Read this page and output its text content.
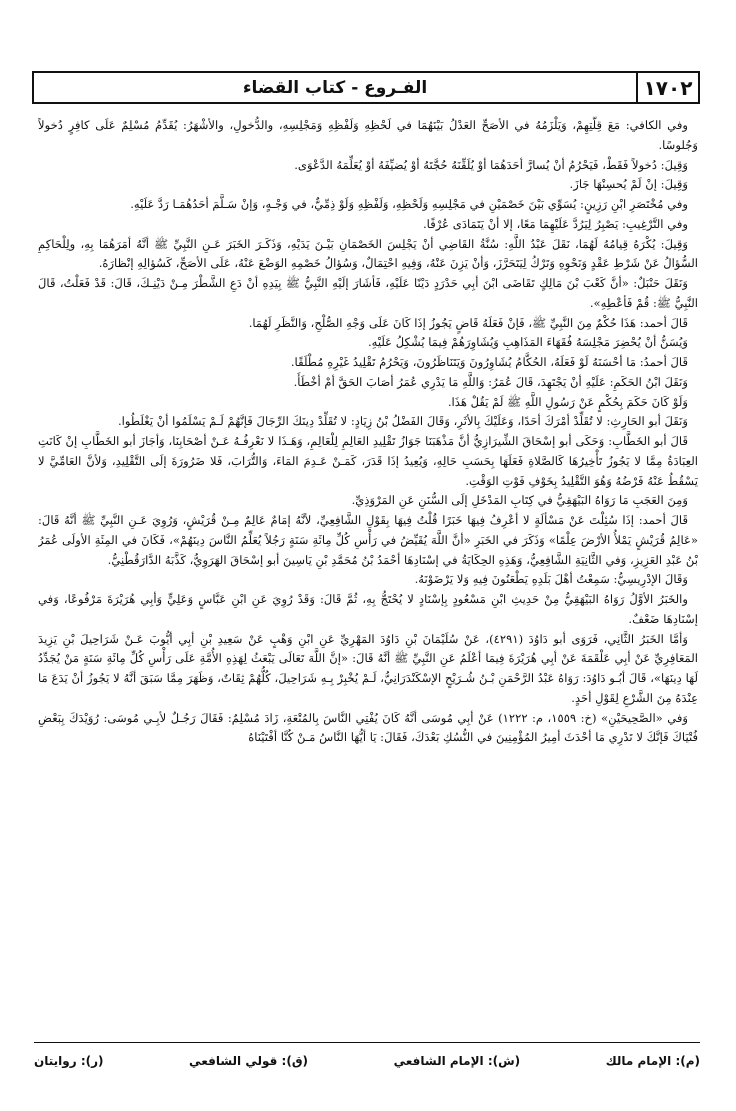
١٧٠٢
الفـروع - كتاب القضاء

وفي الكافي: مَعَ قِلَّتِهِمْ، وَيَلْزَمُهُ في الأصَحِّ العَدْلُ بَيْنَهُمَا في لَحْظِهِ وَلَفْظِهِ وَمَجْلِسِهِ، والدُّخولِ، والأشْهَرُ: يُقَدِّمُ مُسْلِمٌ عَلَى كافِرٍ دُخولاً وَجُلوسًا.

وَقِيلَ: دُخولاً فَقَطْ، فَيَحْرُمُ أنْ يُسارَّ أحَدَهُمَا أوْ يُلَقِّنَهُ حُجَّتَهُ أوْ يُضيِّفَهُ أوْ يُعَلِّمَهُ الدَّعْوَى.

وَقِيلَ: إنْ لَمْ يُحسِنْهَا جَازَ.

وفي مُخْتَصَرِ ابْنِ رَزِينٍ: يُسَوِّي بَيْنَ خَصْمَيْنِ في مَجْلِسِهِ وَلَحْظِهِ، وَلَفْظِهِ وَلَوْ ذِمِّيٌّ، في وَجْـهٍ، وَإنْ سَـلَّمَ أحَدُهُمَـا رَدَّ عَلَيْهِ.

وفي التَّرْغِيبِ: يَصْبِرُ لِيَرُدَّ عَلَيْهِمَا مَعًا، إلا أنْ يَتَمَادَى عُرْفًا.

وَقِيلَ: يُكْرَهُ قِيامُهُ لَهُمَا، نَقَلَ عَبْدُ اللَّهِ: سُنَّةُ القَاضِي أنْ يَجْلِسَ الخَصْمَانِ بَيْـنَ يَدَيْهِ، وَذَكَـرَ الخَبَرَ عَـنِ النَّبِيِّ ﷺ أنَّهُ أمَرَهُمَا بِهِ، ولِلْحَاكِمِ السُّؤالُ عَنْ شَرْطِ عَقْدٍ وَنَحْوِهِ وَتَرْكُ لِيَتَحَرَّزَ، وَأنْ يَزِنَ عَنْهُ، وَفِيهِ احْتِمَالٌ، وَسُؤالُ خَصْمِهِ الوَضْعَ عَنْهُ، عَلَى الأصَحِّ، كَسُؤالِهِ إنْظارَهُ.

وَنَقَلَ حَنْبَلٌ: «أنَّ كَعْبَ بْنَ مَالِكٍ تَقَاضَى ابْنَ أبِي حَدْرَدٍ دَيْنًا عَلَيْهِ، فَأشَارَ إلَيْهِ النَّبِيُّ ﷺ بِيَدِهِ أنْ دَعِ الشَّطْرَ مِـنْ دَيْنِـكَ، قَالَ: قَدْ فَعَلْتُ، قَالَ النَّبِيُّ ﷺ: قُمْ فَأعْطِهِ».

قَالَ أحمد: هَذَا حُكْمٌ مِنَ النَّبِيِّ ﷺ، فَإنْ فَعَلَهُ قَاضٍ يَجُوزُ إذَا كَانَ عَلَى وَجْهِ الصُّلْحِ، وَالنَّظَرِ لَهُمَا.

وَيُسَنُّ أنْ يُحْضِرَ مَجْلِسَهُ فُقَهَاءَ المَذَاهِبِ وَيُشَاوِرَهُمْ فِيمَا يُشْكِلُ عَلَيْهِ.

قَالَ أحمدُ: مَا أحْسَنَهُ لَوْ فَعَلَهُ، الحُكَّامُ يُشَاوِرُونَ وَيَتَنَاظَرُونَ، وَيَحْرُمُ تَقْلِيدُ غَيْرِهِ مُطْلَقًا.

وَنَقَلَ ابْنُ الحَكَمِ: عَلَيْهِ أنْ يَجْتَهِدَ، قَالَ عُمَرُ: وَاللَّهِ مَا يَدْرِي عُمَرُ أصَابَ الحَقَّ أمْ أخْطَأَ.

وَلَوْ كَانَ حَكَمَ بِحُكْمٍ عَنْ رَسُولِ اللَّهِ ﷺ لَمْ يَقُلْ هَذَا.

وَنَقَلَ أبو الحَارِثِ: لا تُقَلِّدْ أمْرَكَ أحَدًا، وَعَلَيْكَ بِالأثَرِ، وَقَالَ الفَضْلُ بْنُ زِيَادٍ: لا تُقَلِّدْ دِينَكَ الرِّجَالَ فَإنَّهُمْ لَـمْ يَسْلَمُوا أنْ يَغْلَطُوا.

قَالَ أبو الخَطَّابِ: وَحَكَى أبو إسْحَاقَ الشِّيرَازِيُّ أنَّ مَذْهَبَنَا جَوَازُ تَقْلِيدِ العَالِمِ لِلْعَالِمِ، وَهَـذَا لا نَعْرِفُـهُ عَـنْ أصْحَابِنَا، وَأجَازَ أبو الخَطَّابِ إنْ كَانَتِ العِبَادَةُ مِمَّا لا يَجُوزُ تَأْخِيرُهَا كَالصَّلاةِ فَعَلَهَا بِحَسَبِ حَالِهِ، وَيُعِيدُ إذَا قَدَرَ، كَمَـنْ عَـدِمَ المَاءَ، وَالتُّرَابَ، فَلا ضَرُورَةَ إلَى التَّقْلِيدِ، وَلأنَّ العَامِّيَّ لا يَسْقُطُ عَنْهُ فَرْضُهُ وَهُوَ التَّقْلِيدُ بِخَوْفِ فَوْتِ الوَقْتِ.

وَمِنَ العَجَبِ مَا رَوَاهُ البَيْهَقِيُّ في كِتَابِ المَدْخَلِ إلَى السُّنَنِ عَنِ المَرْوَذِيِّ.

قَالَ أحمد: إذَا سُئِلْتَ عَنْ مَسْألَةٍ لا أعْرِفُ فِيهَا خَبَرًا قُلْتُ فِيهَا بِقَوْلِ الشَّافِعِيِّ، لأنَّهُ إمَامٌ عَالِمٌ مِـنْ قُرَيْشٍ، وَرُوِيَ عَـنِ النَّبِيِّ ﷺ أنَّهُ قَالَ: «عَالِمُ قُرَيْشٍ يَمْلأُ الأرْضَ عِلْمًا» وَذَكَرَ في الخَبَرِ «أنَّ اللَّهَ يُقَيِّضُ في رَأْسِ كُلِّ مِائَةِ سَنَةٍ رَجُلاً يُعَلِّمُ النَّاسَ دِينَهُمْ»، فَكَانَ في المِئَةِ الأولَى عُمَرُ بْنُ عَبْدِ العَزِيزِ، وَفي الثَّانِيَةِ الشَّافِعِيُّ، وَهَذِهِ الحِكَايَةُ في إسْنَادِهَا أحْمَدُ بْنُ مُحَمَّدِ بْنِ يَاسِينَ أبو إسْحَاقَ الهَرَوِيُّ، كَذَّبَهُ الدَّارَقُطْنِيُّ.

وَقَالَ الإدْرِيسِيُّ: سَمِعْتُ أهْلَ بَلَدِهِ يَطْعَنُونَ فِيهِ وَلا يَرْضَوْنَهُ.

والخَبَرُ الأوَّلُ رَوَاهُ البَيْهَقِيُّ مِنْ حَدِيثِ ابْنِ مَسْعُودٍ بِإسْنَادٍ لا يُحْتَجُّ بِهِ، ثُمَّ قَالَ: وَقَدْ رُوِيَ عَنِ ابْنِ عَبَّاسٍ وَعَلِيٍّ وَأبِي هُرَيْرَةَ مَرْفُوعًا، وَفي إسْنَادِهَا ضَعْفٌ.

وَأمَّا الخَبَرُ الثَّانِي، فَرَوَى أبو دَاوُدَ (٤٢٩١)، عَنْ سُلَيْمَانَ بْنِ دَاوُدَ المَهْرِيِّ عَنِ ابْنِ وَهْبٍ عَنْ سَعِيدِ بْنِ أبِي أيُّوبَ عَـنْ شَرَاحِيلَ بْنِ يَزِيدَ المَعَافِرِيِّ عَنْ أبِي عَلْقَمَةَ عَنْ أبِي هُرَيْرَةَ فِيمَا أعْلَمُ عَنِ النَّبِيِّ ﷺ أنَّهُ قَالَ: «إنَّ اللَّهَ تَعَالَى يَبْعَثُ لِهَذِهِ الأُمَّةِ عَلَى رَأْسِ كُلِّ مِائَةِ سَنَةٍ مَنْ يُجَدِّدُ لَهَا دِينَهَا»، قَالَ أبُـو دَاوُدَ: رَوَاهُ عَبْدُ الرَّحْمَنِ بْـنُ شُـرَيْحٍ الإسْكَنْدَرَانِيُّ، لَـمْ يُخْبِرْ بِـهِ شَرَاحِيلَ، كُلُّهُمْ ثِقَاتٌ، وَظَهَرَ مِمَّا سَبَقَ أنَّهُ لا يَجُوزُ أنْ يَدَعَ مَا عِنْدَهُ مِنَ الشَّرْعِ لِقَوْلِ أحَدٍ.

وَفي «الصَّحِيحَيْنِ» (خ: ١٥٥٩، م: ١٢٢٢) عَنْ أبِي مُوسَى أنَّهُ كَانَ يُفْتِي النَّاسَ بِالمُتْعَةِ، زَادَ مُسْلِمٌ: فَقَالَ رَجُـلٌ لأبِـي مُوسَى: رُوَيْدَكَ بِبَعْضِ فُتْيَاكَ فَإنَّكَ لا تَدْرِي مَا أحْدَثَ أمِيرُ المُؤْمِنِينَ في النُّسُكِ بَعْدَكَ، فَقَالَ: يَا أيُّهَا النَّاسُ مَـنْ كُنَّا أفْتَيْنَاهُ

(م): الإمام مالك
(ش): الإمام الشافعي
(ق): قولي الشافعي
(ر): روايتان
